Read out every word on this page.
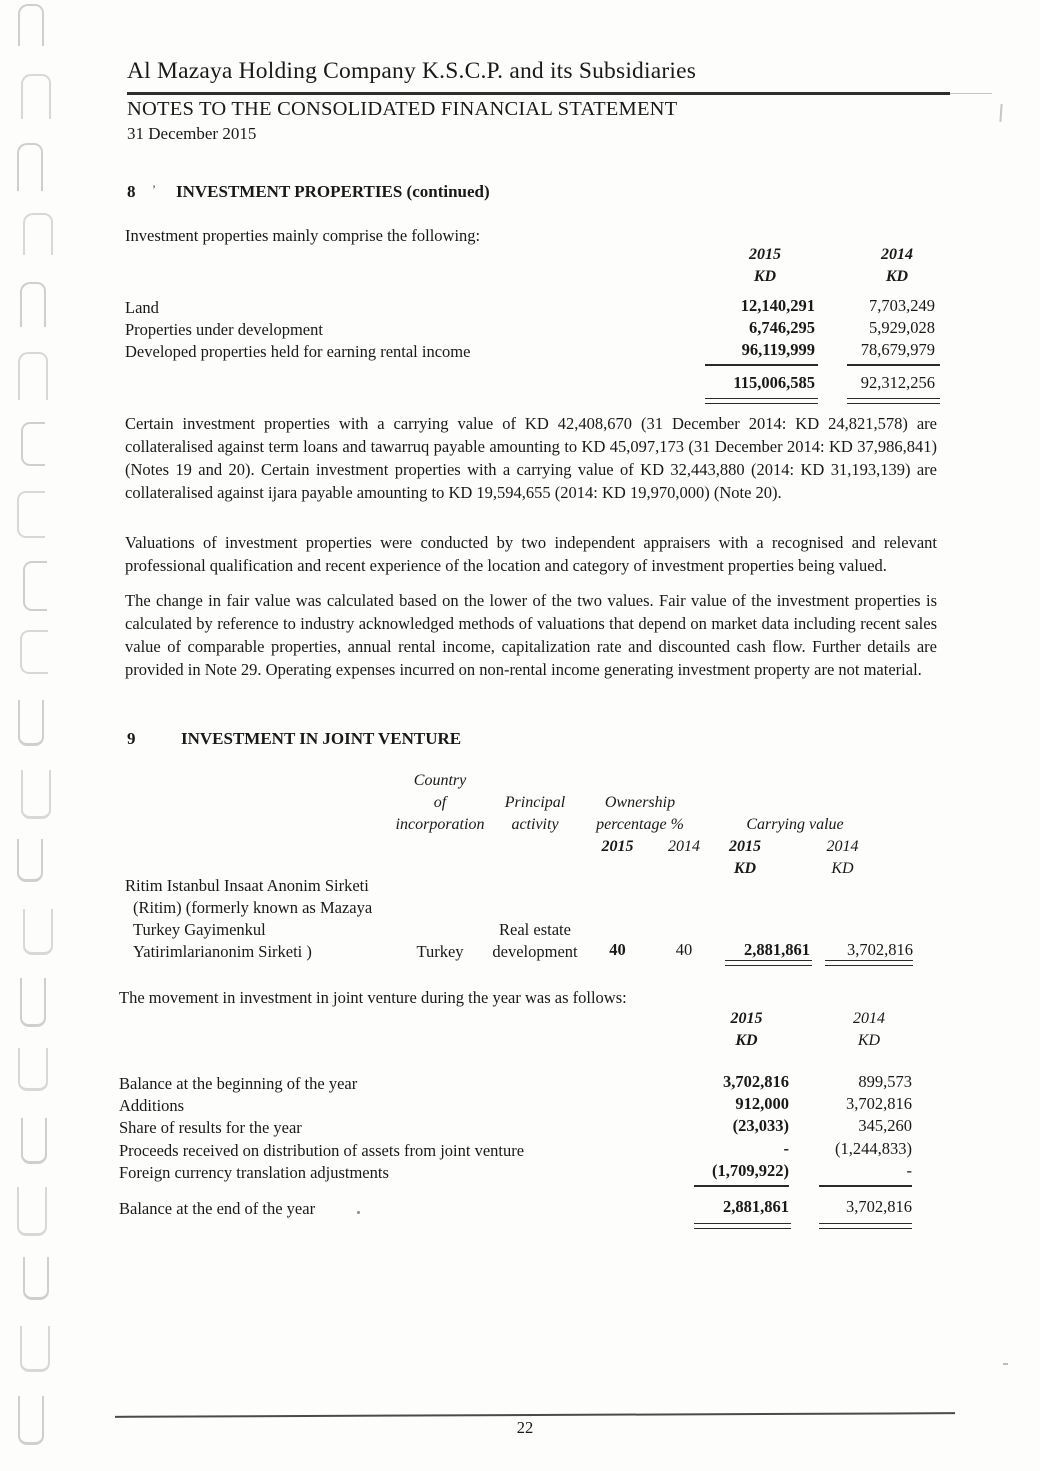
Al Mazaya Holding Company K.S.C.P. and its Subsidiaries
NOTES TO THE CONSOLIDATED FINANCIAL STATEMENT
31 December 2015
8 ’ INVESTMENT PROPERTIES (continued)
Investment properties mainly comprise the following:
2015	2014
KD	KD
Land	12,140,291	7,703,249
Properties under development	6,746,295	5,929,028
Developed properties held for earning rental income	96,119,999	78,679,979
115,006,585	92,312,256
Certain investment properties with a carrying value of KD 42,408,670 (31 December 2014: KD 24,821,578) are collateralised against term loans and tawarruq payable amounting to KD 45,097,173 (31 December 2014: KD 37,986,841) (Notes 19 and 20). Certain investment properties with a carrying value of KD 32,443,880 (2014: KD 31,193,139) are collateralised against ijara payable amounting to KD 19,594,655 (2014: KD 19,970,000) (Note 20).
Valuations of investment properties were conducted by two independent appraisers with a recognised and relevant professional qualification and recent experience of the location and category of investment properties being valued.
The change in fair value was calculated based on the lower of the two values. Fair value of the investment properties is calculated by reference to industry acknowledged methods of valuations that depend on market data including recent sales value of comparable properties, annual rental income, capitalization rate and discounted cash flow. Further details are provided in Note 29. Operating expenses incurred on non-rental income generating investment property are not material.
9	INVESTMENT IN JOINT VENTURE
Country
of
incorporation
Principal
activity
Ownership
percentage %
2015	2014
Carrying value
2015	2014
KD	KD
Ritim Istanbul Insaat Anonim Sirketi
(Ritim) (formerly known as Mazaya
Turkey Gayimenkul
Yatirimlarianonim Sirketi )	Turkey
Real estate
development	40	40	2,881,861	3,702,816
The movement in investment in joint venture during the year was as follows:
2015	2014
KD	KD
Balance at the beginning of the year	3,702,816	899,573
Additions	912,000	3,702,816
Share of results for the year	(23,033)	345,260
Proceeds received on distribution of assets from joint venture	-	(1,244,833)
Foreign currency translation adjustments	(1,709,922)	-
Balance at the end of the year	2,881,861	3,702,816
22
